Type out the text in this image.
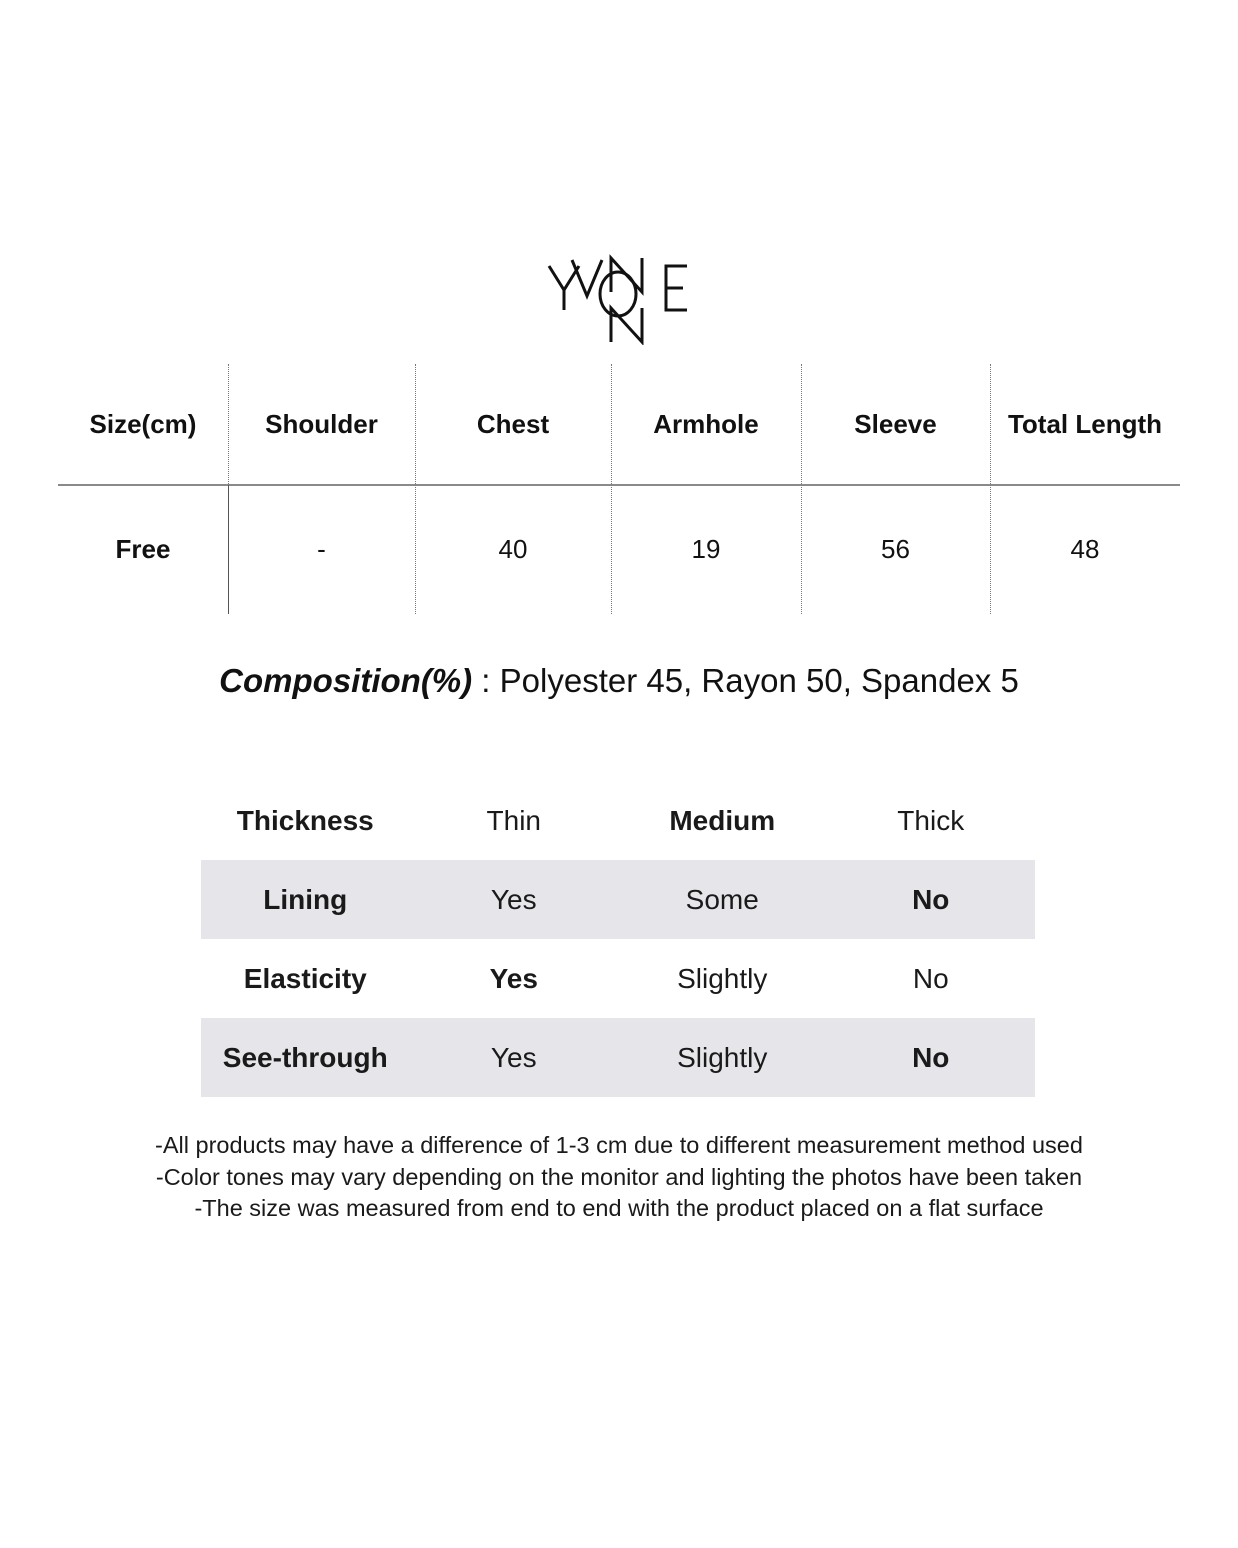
Size(cm)	Shoulder	Chest	Armhole	Sleeve	Total Length
Free	-	40	19	56	48
Composition(%) : Polyester 45, Rayon 50, Spandex 5
Thickness	Thin	Medium	Thick
Lining	Yes	Some	No
Elasticity	Yes	Slightly	No
See-through	Yes	Slightly	No
-All products may have a difference of 1-3 cm due to different measurement method used
-Color tones may vary depending on the monitor and lighting the photos have been taken
-The size was measured from end to end with the product placed on a flat surface
